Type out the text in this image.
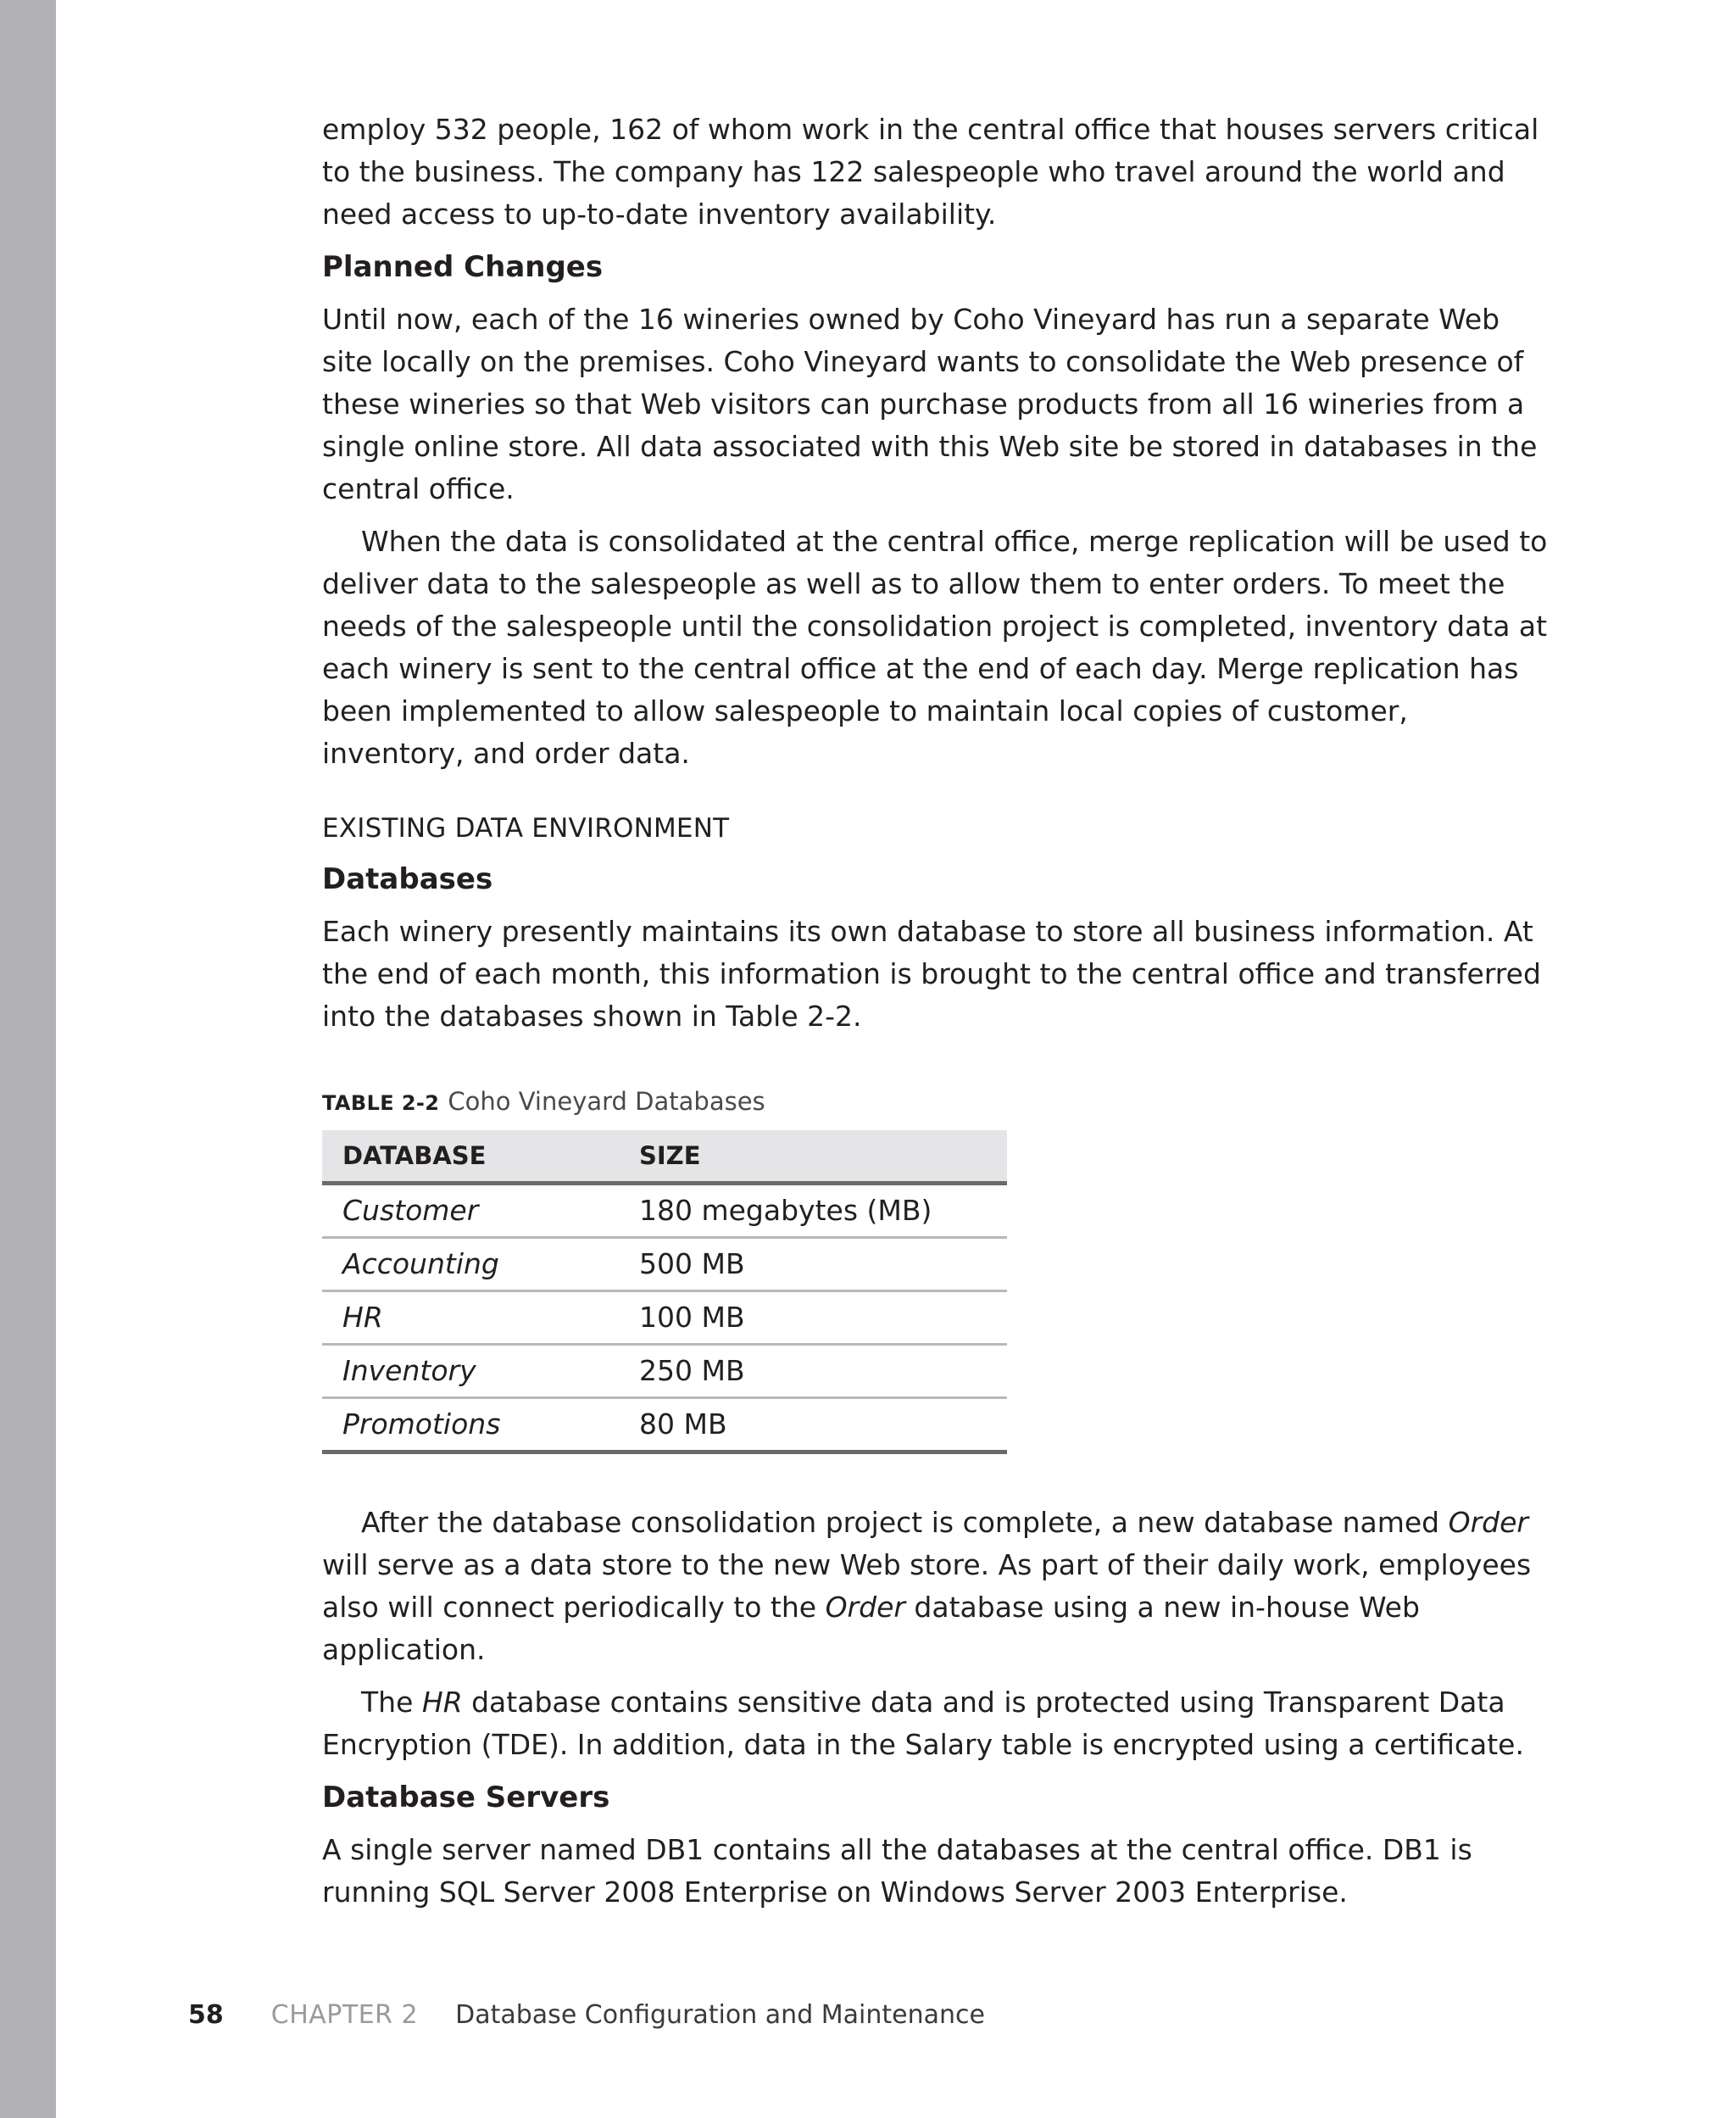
employ 532 people, 162 of whom work in the central office that houses servers critical to the business. The company has 122 salespeople who travel around the world and need access to up-to-date inventory availability.

Planned Changes

Until now, each of the 16 wineries owned by Coho Vineyard has run a separate Web site locally on the premises. Coho Vineyard wants to consolidate the Web presence of these wineries so that Web visitors can purchase products from all 16 wineries from a single online store. All data associated with this Web site be stored in databases in the central office.

When the data is consolidated at the central office, merge replication will be used to deliver data to the salespeople as well as to allow them to enter orders. To meet the needs of the salespeople until the consolidation project is completed, inventory data at each winery is sent to the central office at the end of each day. Merge replication has been implemented to allow salespeople to maintain local copies of customer, inventory, and order data.

EXISTING DATA ENVIRONMENT
Databases

Each winery presently maintains its own database to store all business information. At the end of each month, this information is brought to the central office and transferred into the databases shown in Table 2-2.

TABLE 2-2 Coho Vineyard Databases
DATABASE	SIZE
Customer	180 megabytes (MB)
Accounting	500 MB
HR	100 MB
Inventory	250 MB
Promotions	80 MB

After the database consolidation project is complete, a new database named Order will serve as a data store to the new Web store. As part of their daily work, employees also will connect periodically to the Order database using a new in-house Web application.

The HR database contains sensitive data and is protected using Transparent Data Encryption (TDE). In addition, data in the Salary table is encrypted using a certificate.

Database Servers

A single server named DB1 contains all the databases at the central office. DB1 is running SQL Server 2008 Enterprise on Windows Server 2003 Enterprise.

58 CHAPTER 2 Database Configuration and Maintenance
